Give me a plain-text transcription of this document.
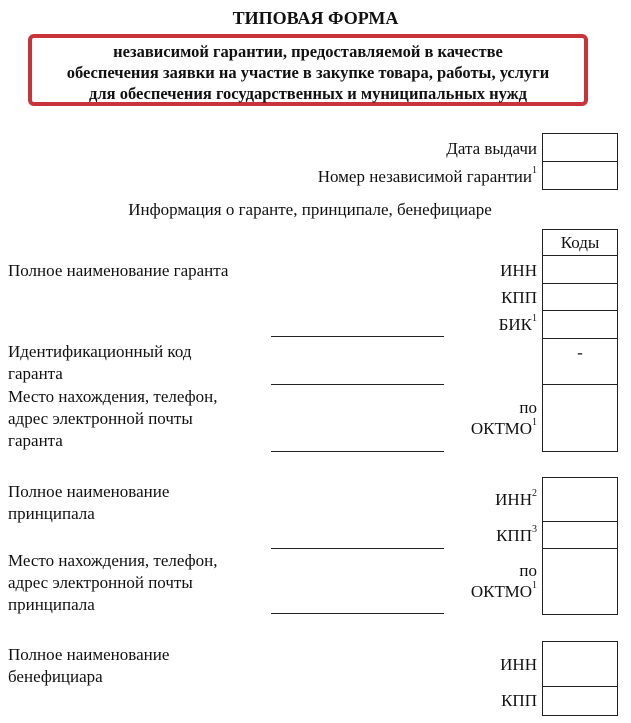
ТИПОВАЯ ФОРМА
независимой гарантии, предоставляемой в качестве
обеспечения заявки на участие в закупке товара, работы, услуги
для обеспечения государственных и муниципальных нужд
Дата выдачи
Номер независимой гарантии$^1$
Информация о гаранте, принципале, бенефициаре
Коды
Полное наименование гаранта	ИНН
КПП
БИК$^1$
Идентификационный код
гаранта
-
Место нахождения, телефон,
адрес электронной почты
гаранта
по
ОКТМО$^1$
Полное наименование
принципала
ИНН$^2$
КПП$^3$
Место нахождения, телефон,
адрес электронной почты
принципала
по
ОКТМО$^1$
Полное наименование
бенефициара
ИНН
КПП
